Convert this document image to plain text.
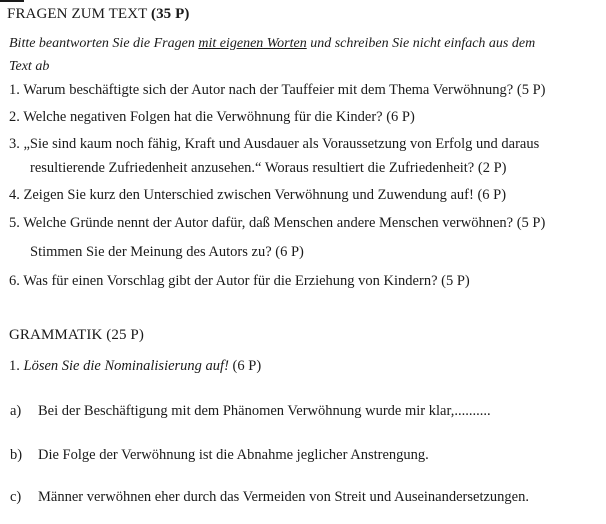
FRAGEN ZUM TEXT (35 P)
Bitte beantworten Sie die Fragen mit eigenen Worten und schreiben Sie nicht einfach aus dem
Text ab
1. Warum beschäftigte sich der Autor nach der Tauffeier mit dem Thema Verwöhnung? (5 P)
2. Welche negativen Folgen hat die Verwöhnung für die Kinder? (6 P)
3. „Sie sind kaum noch fähig, Kraft und Ausdauer als Voraussetzung von Erfolg und daraus
resultierende Zufriedenheit anzusehen.“ Woraus resultiert die Zufriedenheit? (2 P)
4. Zeigen Sie kurz den Unterschied zwischen Verwöhnung und Zuwendung auf! (6 P)
5. Welche Gründe nennt der Autor dafür, daß Menschen andere Menschen verwöhnen? (5 P)
Stimmen Sie der Meinung des Autors zu? (6 P)
6. Was für einen Vorschlag gibt der Autor für die Erziehung von Kindern? (5 P)
GRAMMATIK (25 P)
1. Lösen Sie die Nominalisierung auf! (6 P)
a) Bei der Beschäftigung mit dem Phänomen Verwöhnung wurde mir klar,..........
b) Die Folge der Verwöhnung ist die Abnahme jeglicher Anstrengung.
c) Männer verwöhnen eher durch das Vermeiden von Streit und Auseinandersetzungen.
